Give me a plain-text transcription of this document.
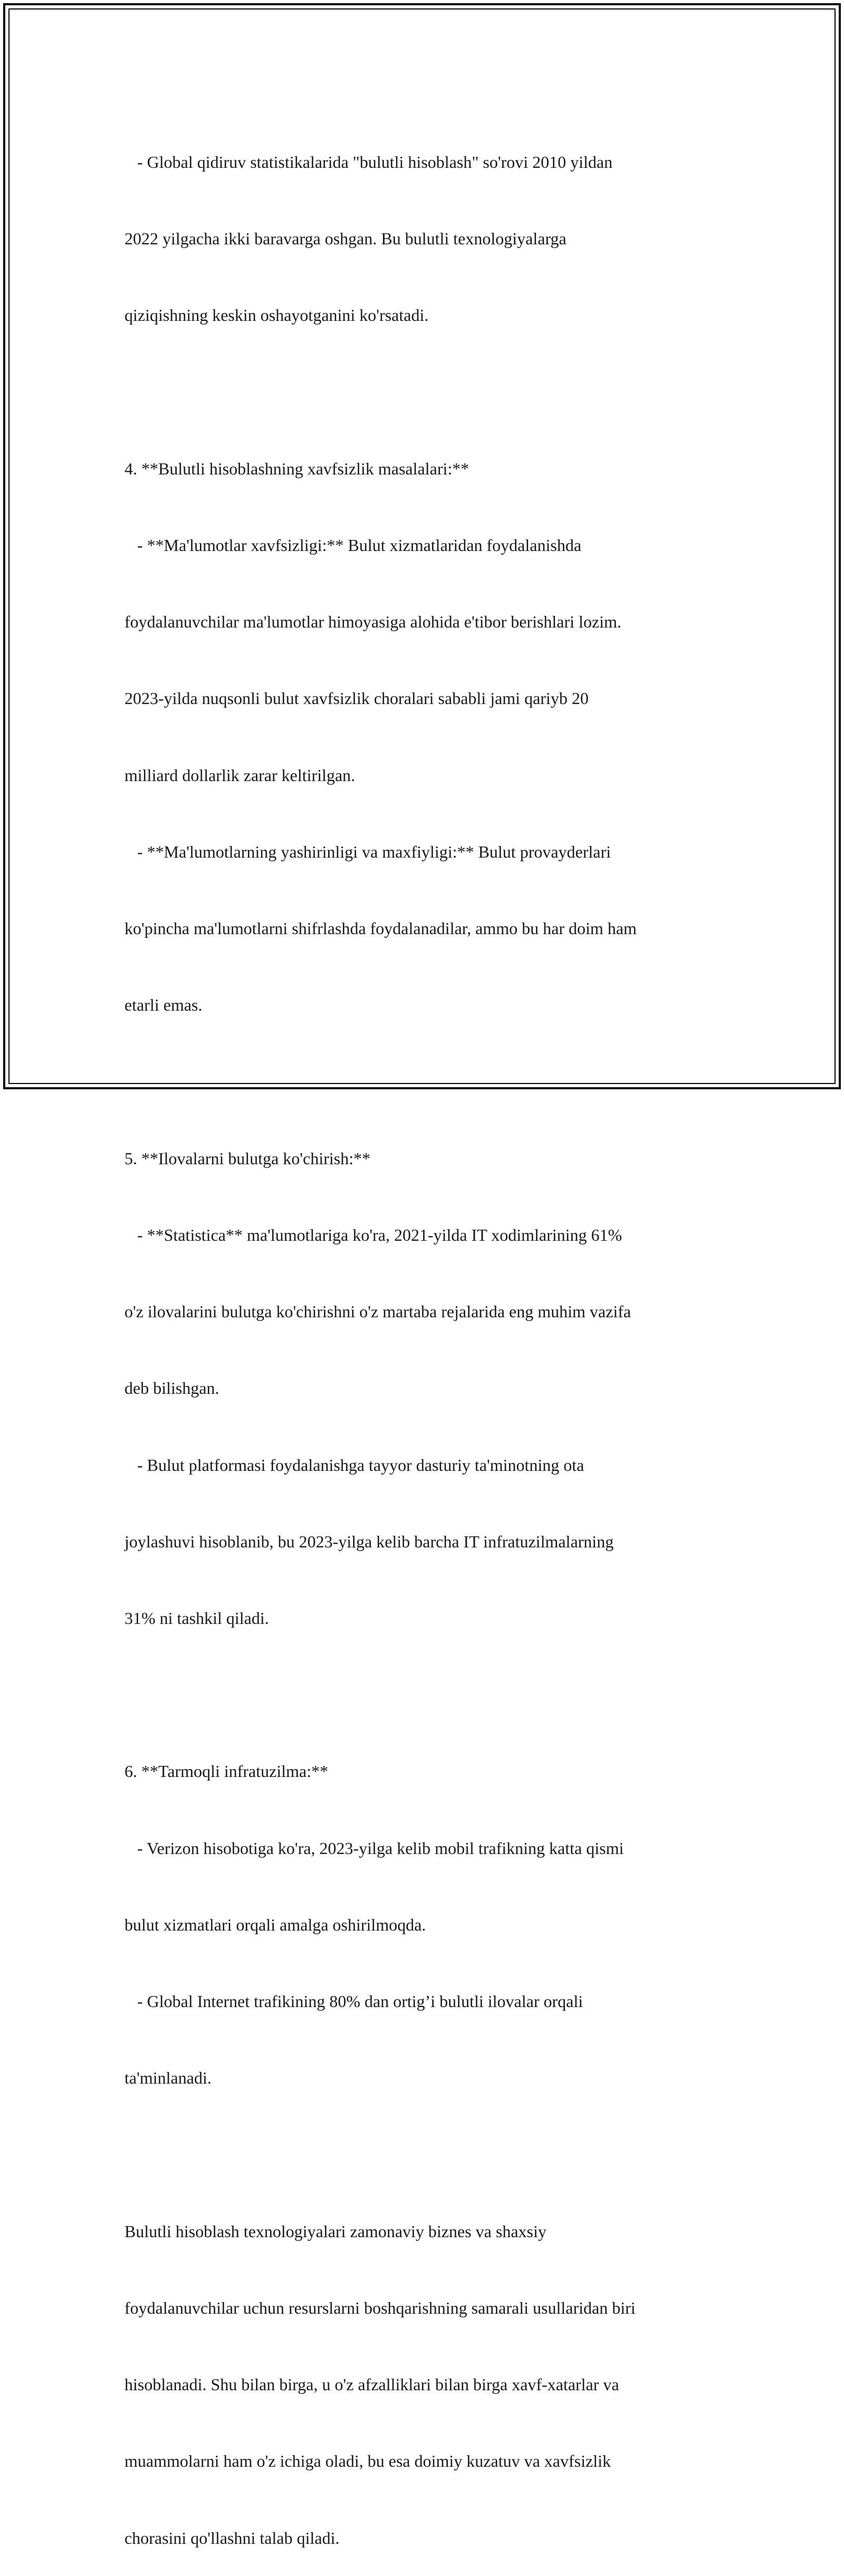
- Global qidiruv statistikalarida "bulutli hisoblash" so'rovi 2010 yildan

2022 yilgacha ikki baravarga oshgan. Bu bulutli texnologiyalarga

qiziqishning keskin oshayotganini ko'rsatadi.

4. **Bulutli hisoblashning xavfsizlik masalalari:**

- **Ma'lumotlar xavfsizligi:** Bulut xizmatlaridan foydalanishda

foydalanuvchilar ma'lumotlar himoyasiga alohida e'tibor berishlari lozim.

2023-yilda nuqsonli bulut xavfsizlik choralari sababli jami qariyb 20

milliard dollarlik zarar keltirilgan.

- **Ma'lumotlarning yashirinligi va maxfiyligi:** Bulut provayderlari

ko'pincha ma'lumotlarni shifrlashda foydalanadilar, ammo bu har doim ham

etarli emas.

5. **Ilovalarni bulutga ko'chirish:**

- **Statistica** ma'lumotlariga ko'ra, 2021-yilda IT xodimlarining 61%

o'z ilovalarini bulutga ko'chirishni o'z martaba rejalarida eng muhim vazifa

deb bilishgan.

- Bulut platformasi foydalanishga tayyor dasturiy ta'minotning ota

joylashuvi hisoblanib, bu 2023-yilga kelib barcha IT infratuzilmalarning

31% ni tashkil qiladi.

6. **Tarmoqli infratuzilma:**

- Verizon hisobotiga ko'ra, 2023-yilga kelib mobil trafikning katta qismi

bulut xizmatlari orqali amalga oshirilmoqda.

- Global Internet trafikining 80% dan ortig’i bulutli ilovalar orqali

ta'minlanadi.

Bulutli hisoblash texnologiyalari zamonaviy biznes va shaxsiy

foydalanuvchilar uchun resurslarni boshqarishning samarali usullaridan biri

hisoblanadi. Shu bilan birga, u o'z afzalliklari bilan birga xavf-xatarlar va

muammolarni ham o'z ichiga oladi, bu esa doimiy kuzatuv va xavfsizlik

chorasini qo'llashni talab qiladi.
